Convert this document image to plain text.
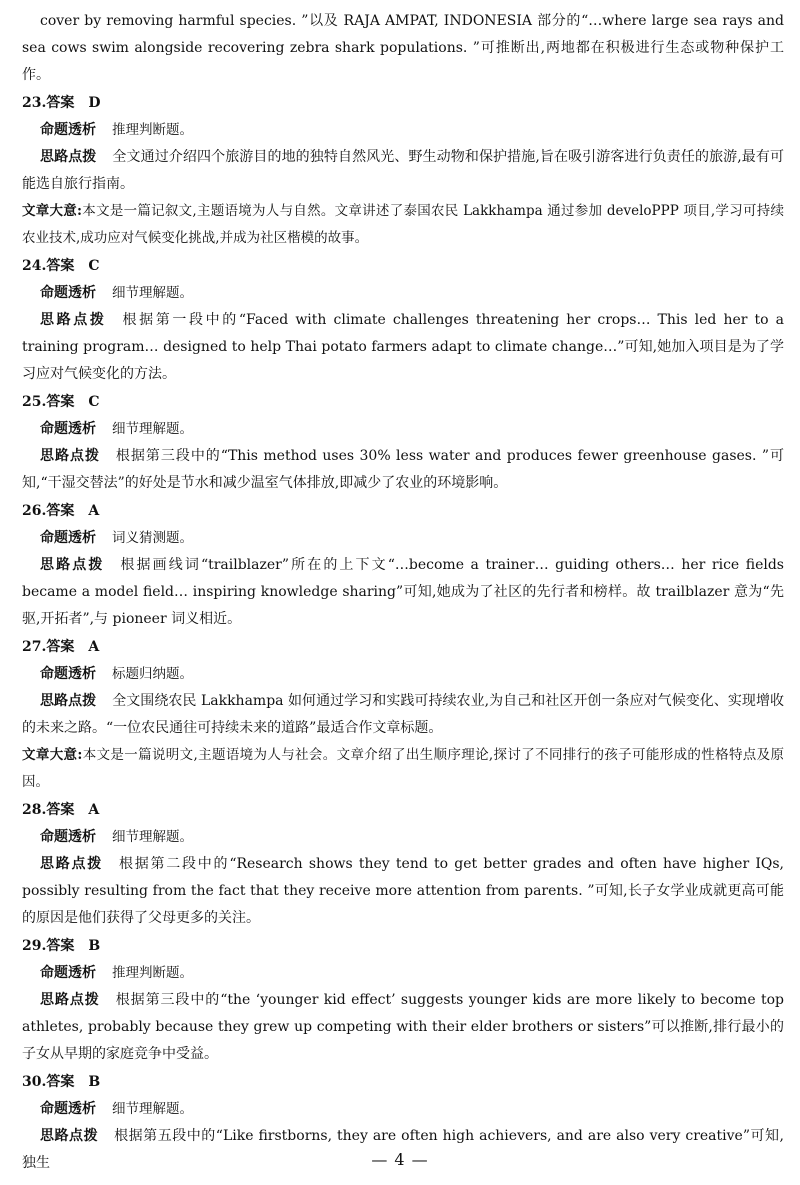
cover by removing harmful species. ”以及 RAJA AMPAT, INDONESIA 部分的“…where large sea rays and sea cows swim alongside recovering zebra shark populations. ”可推断出,两地都在积极进行生态或物种保护工作。

23.答案 D

命题透析 推理判断题。

思路点拨 全文通过介绍四个旅游目的地的独特自然风光、野生动物和保护措施,旨在吸引游客进行负责任的旅游,最有可能选自旅行指南。

文章大意:本文是一篇记叙文,主题语境为人与自然。文章讲述了泰国农民 Lakkhampa 通过参加 develoPPP 项目,学习可持续农业技术,成功应对气候变化挑战,并成为社区楷模的故事。

24.答案 C

命题透析 细节理解题。

思路点拨 根据第一段中的“Faced with climate challenges threatening her crops… This led her to a training program… designed to help Thai potato farmers adapt to climate change…”可知,她加入项目是为了学习应对气候变化的方法。

25.答案 C

命题透析 细节理解题。

思路点拨 根据第三段中的“This method uses 30% less water and produces fewer greenhouse gases. ”可知,“干湿交替法”的好处是节水和减少温室气体排放,即减少了农业的环境影响。

26.答案 A

命题透析 词义猜测题。

思路点拨 根据画线词“trailblazer”所在的上下文“…become a trainer… guiding others… her rice fields became a model field… inspiring knowledge sharing”可知,她成为了社区的先行者和榜样。故 trailblazer 意为“先驱,开拓者”,与 pioneer 词义相近。

27.答案 A

命题透析 标题归纳题。

思路点拨 全文围绕农民 Lakkhampa 如何通过学习和实践可持续农业,为自己和社区开创一条应对气候变化、实现增收的未来之路。“一位农民通往可持续未来的道路”最适合作文章标题。

文章大意:本文是一篇说明文,主题语境为人与社会。文章介绍了出生顺序理论,探讨了不同排行的孩子可能形成的性格特点及原因。

28.答案 A

命题透析 细节理解题。

思路点拨 根据第二段中的“Research shows they tend to get better grades and often have higher IQs, possibly resulting from the fact that they receive more attention from parents. ”可知,长子女学业成就更高可能的原因是他们获得了父母更多的关注。

29.答案 B

命题透析 推理判断题。

思路点拨 根据第三段中的“the ‘younger kid effect’ suggests younger kids are more likely to become top athletes, probably because they grew up competing with their elder brothers or sisters”可以推断,排行最小的子女从早期的家庭竞争中受益。

30.答案 B

命题透析 细节理解题。

思路点拨 根据第五段中的“Like firstborns, they are often high achievers, and are also very creative”可知,独生	— 4 —
